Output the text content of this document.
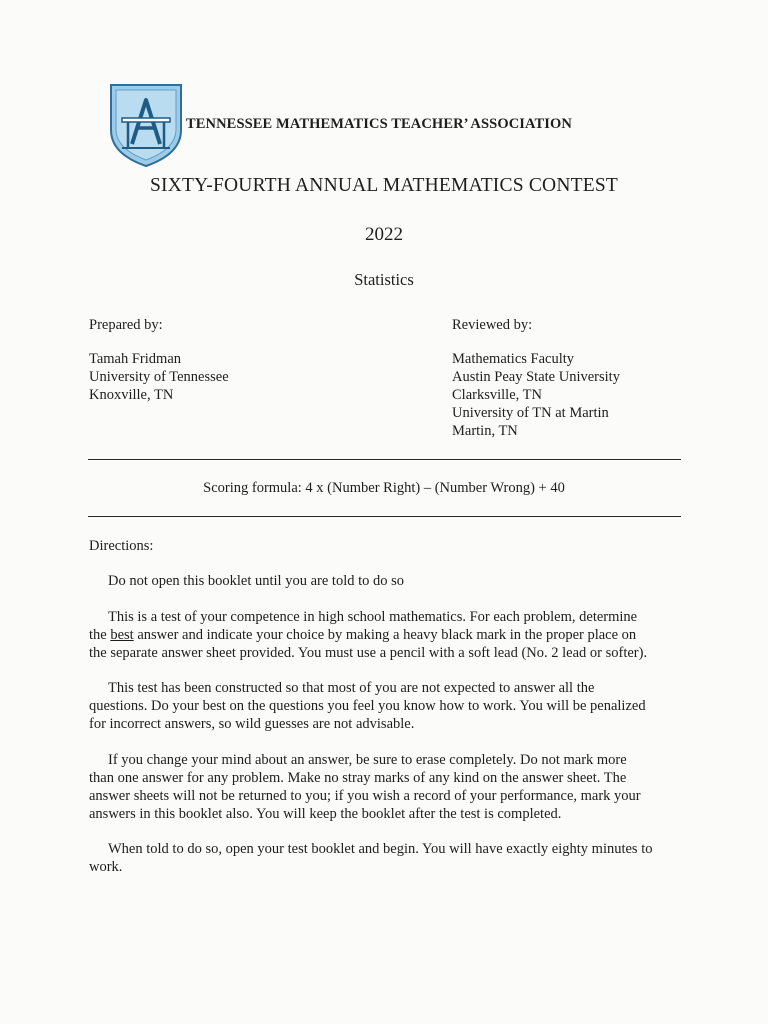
TENNESSEE MATHEMATICS TEACHER’ ASSOCIATION
SIXTY-FOURTH ANNUAL MATHEMATICS CONTEST
2022
Statistics
Prepared by:
Tamah Fridman
University of Tennessee
Knoxville, TN
Reviewed by:
Mathematics Faculty
Austin Peay State University
Clarksville, TN
University of TN at Martin
Martin, TN
Scoring formula: 4 x (Number Right) – (Number Wrong) + 40
Directions:
Do not open this booklet until you are told to do so
This is a test of your competence in high school mathematics. For each problem, determine
the best answer and indicate your choice by making a heavy black mark in the proper place on
the separate answer sheet provided. You must use a pencil with a soft lead (No. 2 lead or softer).
This test has been constructed so that most of you are not expected to answer all the
questions. Do your best on the questions you feel you know how to work. You will be penalized
for incorrect answers, so wild guesses are not advisable.
If you change your mind about an answer, be sure to erase completely. Do not mark more
than one answer for any problem. Make no stray marks of any kind on the answer sheet. The
answer sheets will not be returned to you; if you wish a record of your performance, mark your
answers in this booklet also. You will keep the booklet after the test is completed.
When told to do so, open your test booklet and begin. You will have exactly eighty minutes to
work.
